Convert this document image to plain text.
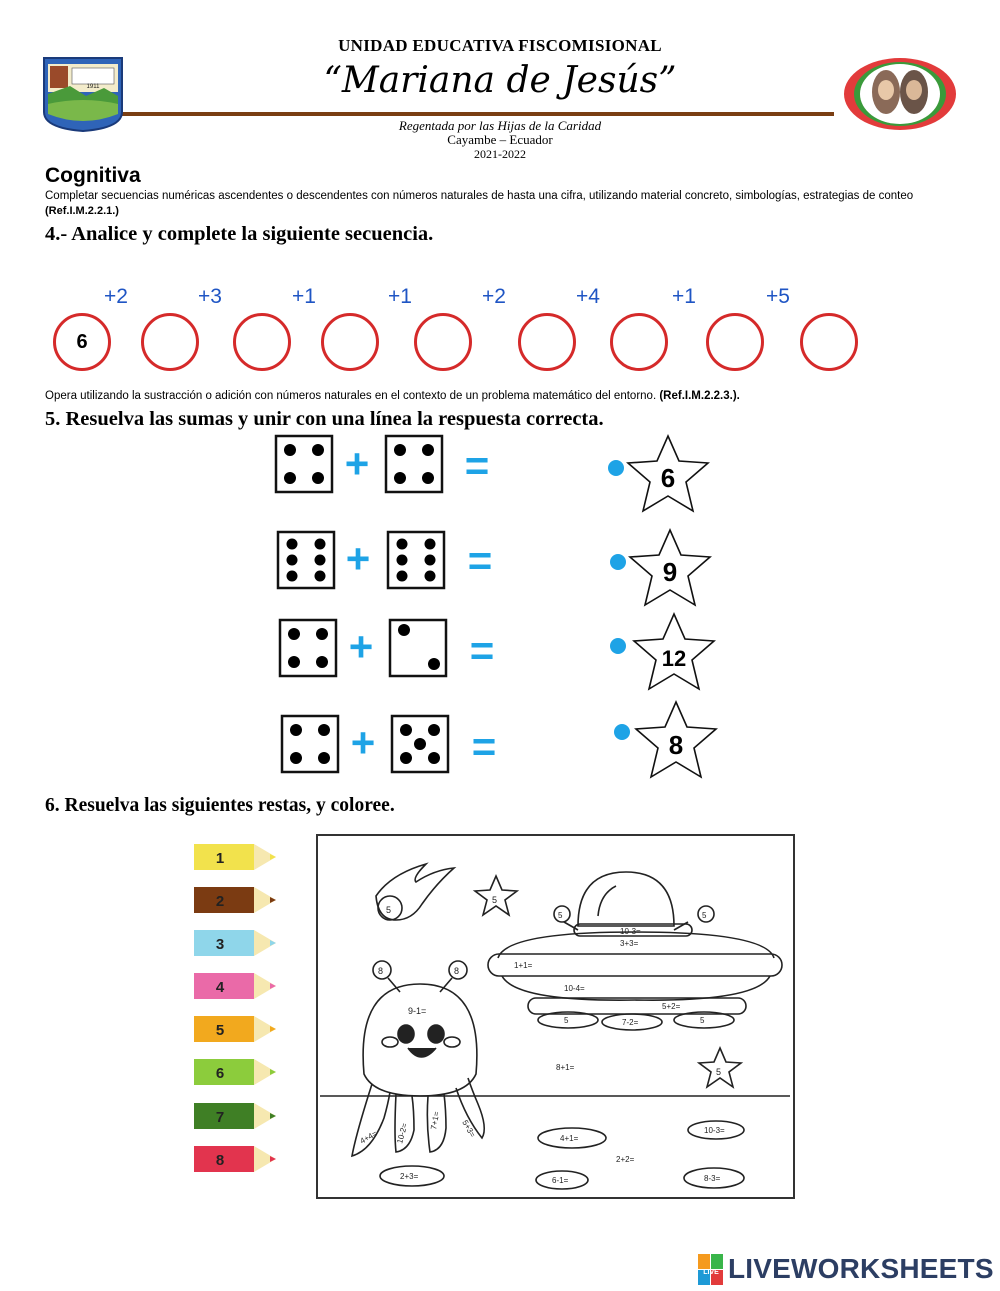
UNIDAD EDUCATIVA FISCOMISIONAL
“Mariana de Jesús”
Regentada por las Hijas de la Caridad
Cayambe – Ecuador
2021-2022
1911
Cognitiva
Completar secuencias numéricas ascendentes o descendentes con números naturales de hasta una cifra, utilizando material concreto, simbologías, estrategias de conteo
(Ref.I.M.2.2.1.)
4.- Analice y complete la siguiente secuencia.
+2	+3	+1	+1	+2	+4	+1	+5
6
Opera utilizando la sustracción o adición con números naturales en el contexto de un problema matemático del entorno. (Ref.I.M.2.2.3.).
5. Resuelva las sumas y unir con una línea la respuesta correcta.
+ =	6
+ =	9
+ =	12
+ =	8
6. Resuelva las siguientes restas, y coloree.
1
2
3
4
5
6
7
8
5
5
5	5
10-3=
3+3=
1+1=
10-4=
5+2=
5	7-2=	5
5
8	8
9-1=
4+4= 10-2=
7+1= 5+3=
8+1=
4+1=
10-3=
2+2=
2+3=	6-1=	8-3=
LIVE LIVEWORKSHEETS
